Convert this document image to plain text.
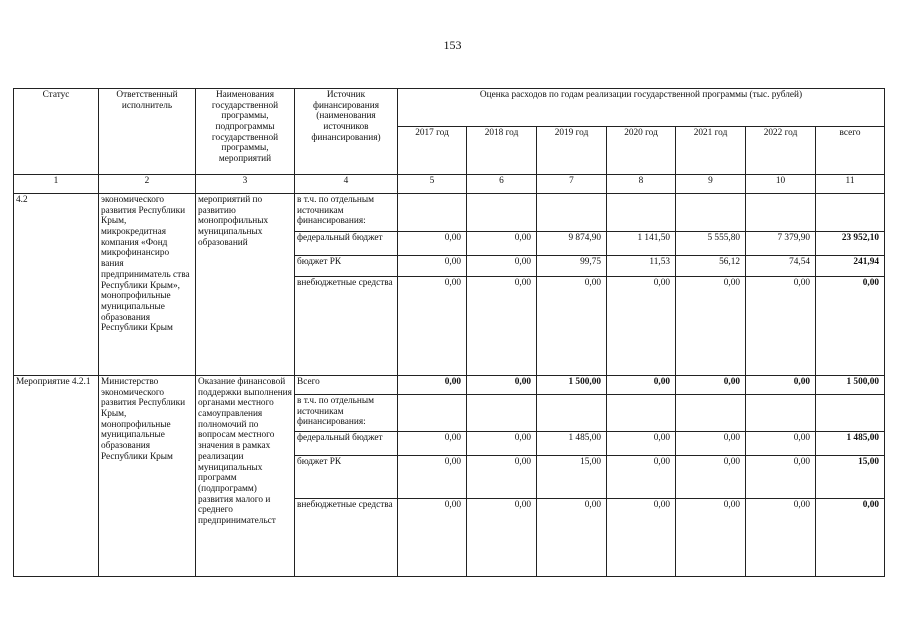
153
Статус	Ответственный исполнитель	Наименования государственной программы, подпрограммы государственной программы, мероприятий	Источник финансирования (наименования источников финансирования)	Оценка расходов по годам реализации государственной программы (тыс. рублей)						
				2017 год	2018 год	2019 год	2020 год	2021 год	2022 год	всего
1	2	3	4	5	6	7	8	9	10	11
4.2	экономического развития Республики Крым, микрокредитная компания «Фонд микрофинансиро вания предприниматель ства Республики Крым», монопрофильные муниципальные образования Республики Крым	мероприятий по развитию монопрофильных муниципальных образований	в т.ч. по отдельным источникам финансирования:							
			федеральный бюджет	0,00	0,00	9 874,90	1 141,50	5 555,80	7 379,90	23 952,10
			бюджет РК	0,00	0,00	99,75	11,53	56,12	74,54	241,94
			внебюджетные средства	0,00	0,00	0,00	0,00	0,00	0,00	0,00
Мероприятие 4.2.1	Министерство экономического развития Республики Крым, монопрофильные муниципальные образования Республики Крым	Оказание финансовой поддержки выполнения органами местного самоуправления полномочий по вопросам местного значения в рамках реализации муниципальных программ (подпрограмм) развития малого и среднего предпринимательст	Всего	0,00	0,00	1 500,00	0,00	0,00	0,00	1 500,00
			в т.ч. по отдельным источникам финансирования:							
			федеральный бюджет	0,00	0,00	1 485,00	0,00	0,00	0,00	1 485,00
			бюджет РК	0,00	0,00	15,00	0,00	0,00	0,00	15,00
			внебюджетные средства	0,00	0,00	0,00	0,00	0,00	0,00	0,00
